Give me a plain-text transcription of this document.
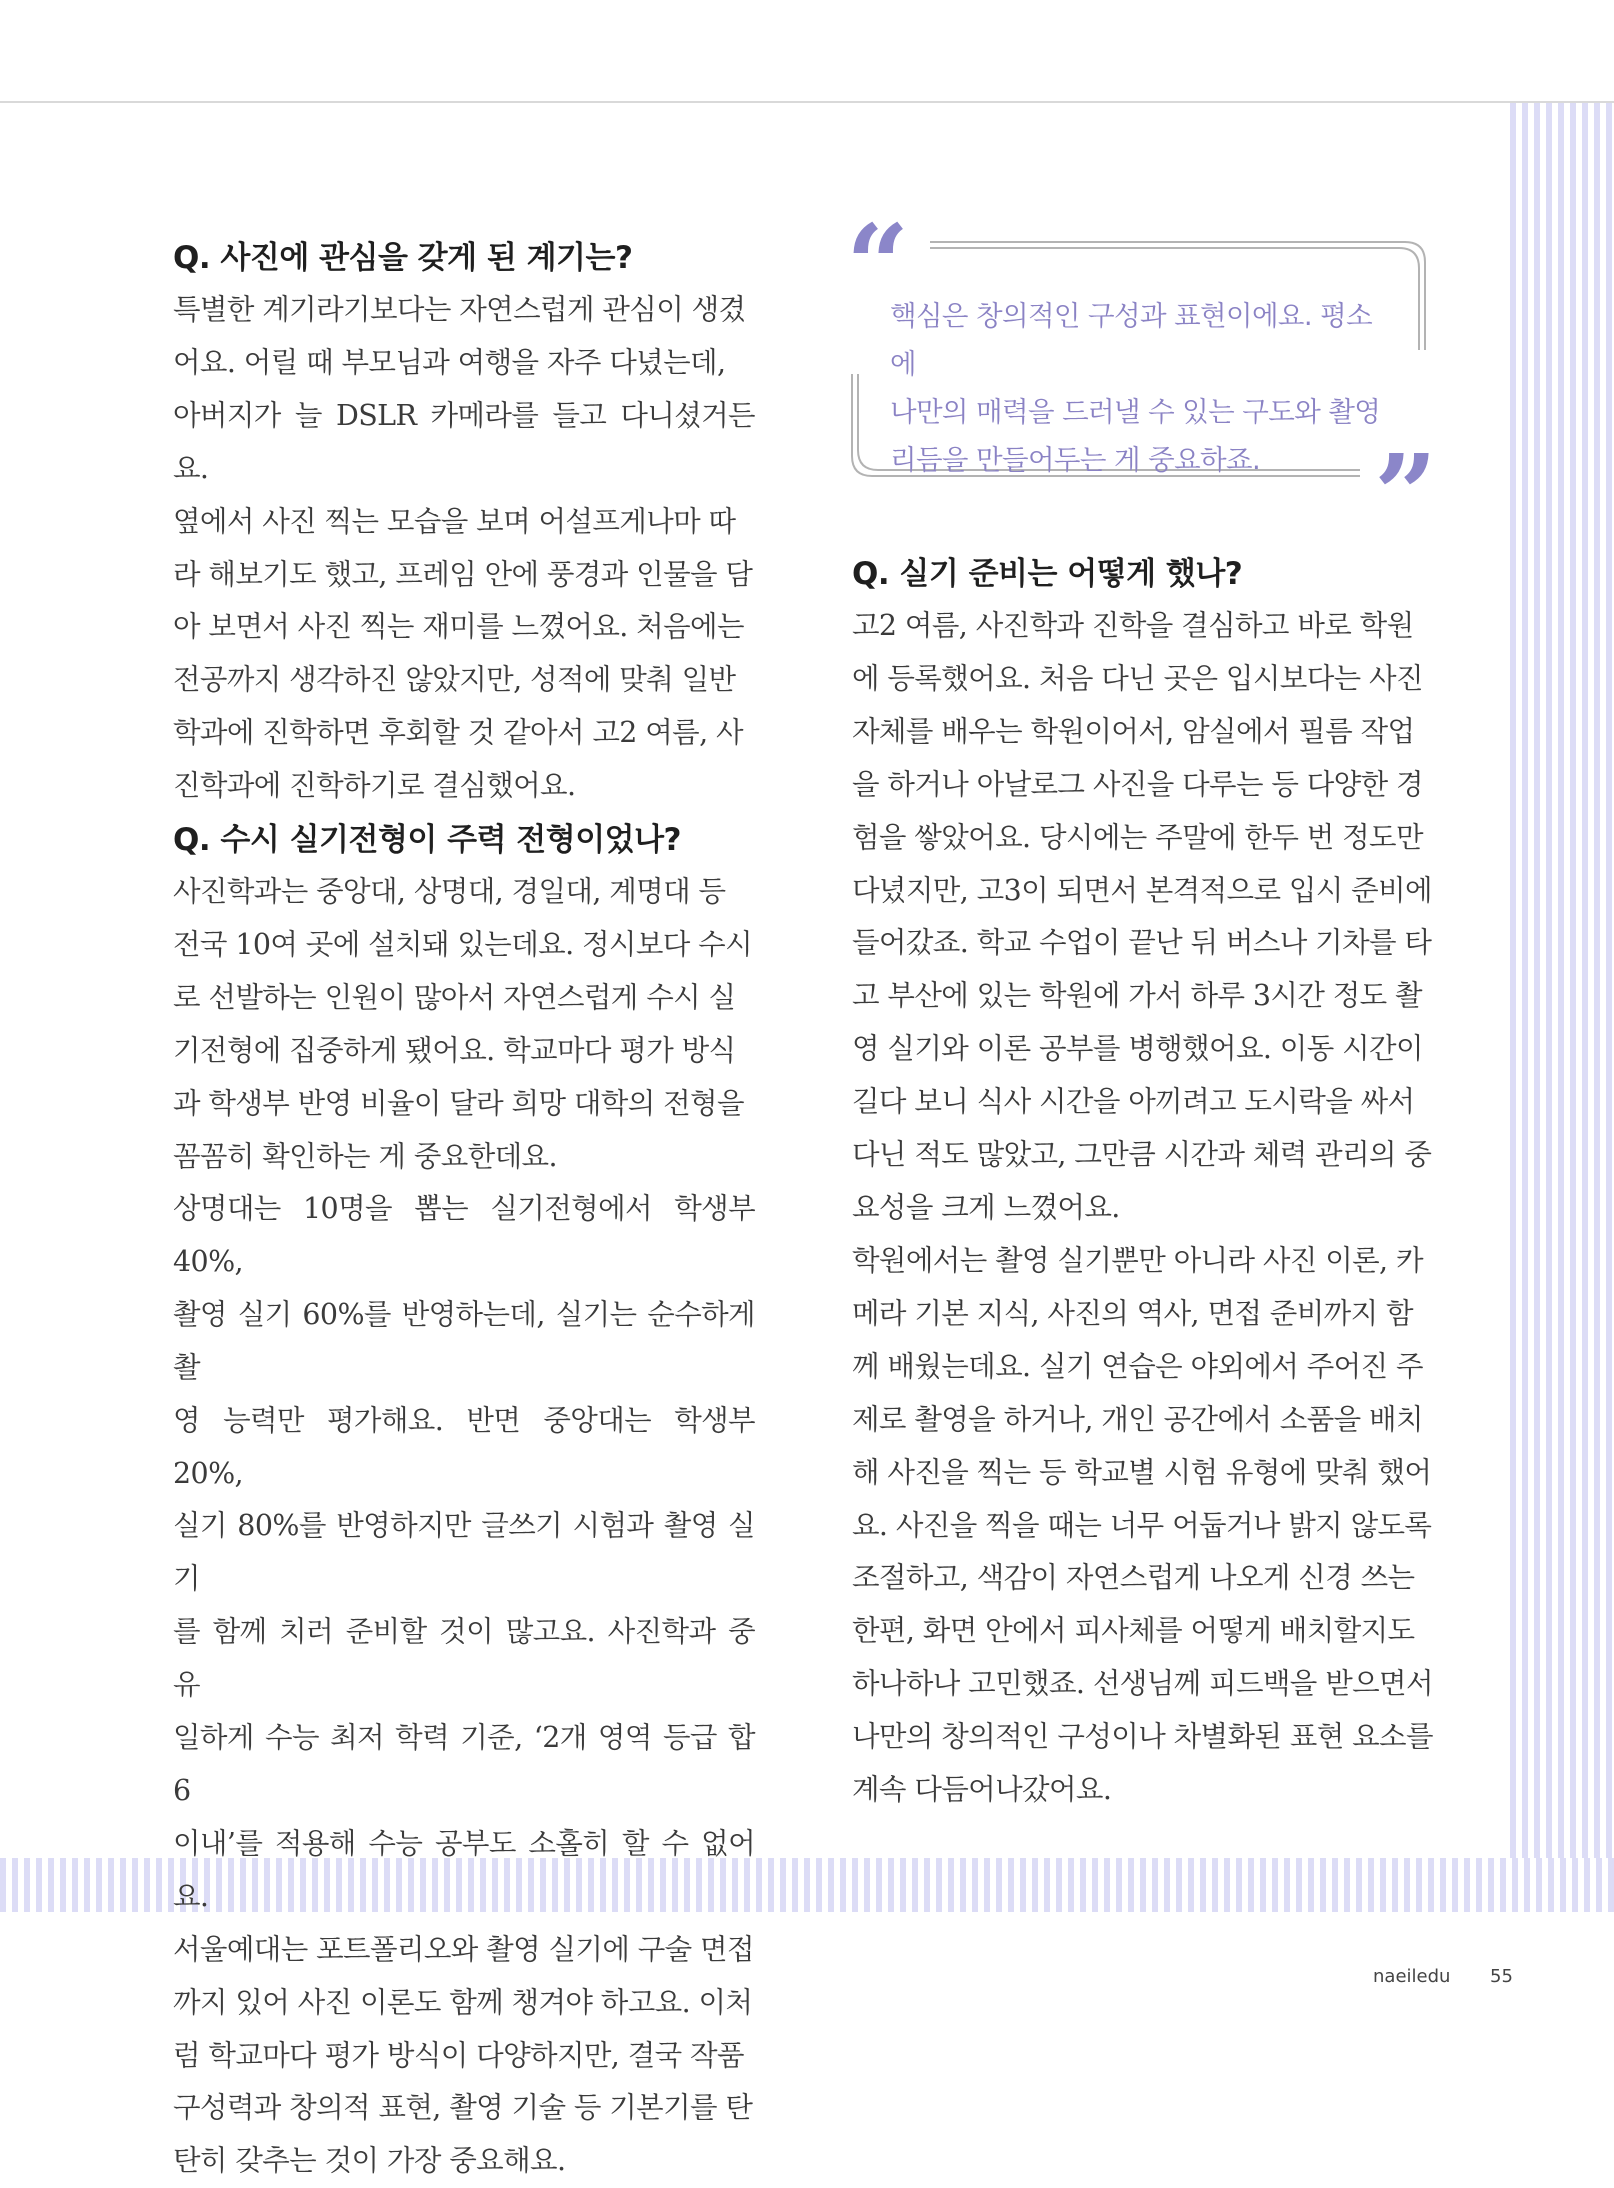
Q. 사진에 관심을 갖게 된 계기는?
특별한 계기라기보다는 자연스럽게 관심이 생겼
어요. 어릴 때 부모님과 여행을 자주 다녔는데,
아버지가 늘 DSLR 카메라를 들고 다니셨거든요.
옆에서 사진 찍는 모습을 보며 어설프게나마 따
라 해보기도 했고, 프레임 안에 풍경과 인물을 담
아 보면서 사진 찍는 재미를 느꼈어요. 처음에는
전공까지 생각하진 않았지만, 성적에 맞춰 일반
학과에 진학하면 후회할 것 같아서 고2 여름, 사
진학과에 진학하기로 결심했어요.
Q. 수시 실기전형이 주력 전형이었나?
사진학과는 중앙대, 상명대, 경일대, 계명대 등
전국 10여 곳에 설치돼 있는데요. 정시보다 수시
로 선발하는 인원이 많아서 자연스럽게 수시 실
기전형에 집중하게 됐어요. 학교마다 평가 방식
과 학생부 반영 비율이 달라 희망 대학의 전형을
꼼꼼히 확인하는 게 중요한데요.
상명대는 10명을 뽑는 실기전형에서 학생부 40%,
촬영 실기 60%를 반영하는데, 실기는 순수하게 촬
영 능력만 평가해요. 반면 중앙대는 학생부 20%,
실기 80%를 반영하지만 글쓰기 시험과 촬영 실기
를 함께 치러 준비할 것이 많고요. 사진학과 중 유
일하게 수능 최저 학력 기준, ‘2개 영역 등급 합 6
이내’를 적용해 수능 공부도 소홀히 할 수 없어요.
서울예대는 포트폴리오와 촬영 실기에 구술 면접
까지 있어 사진 이론도 함께 챙겨야 하고요. 이처
럼 학교마다 평가 방식이 다양하지만, 결국 작품
구성력과 창의적 표현, 촬영 기술 등 기본기를 탄
탄히 갖추는 것이 가장 중요해요.
“
”
핵심은 창의적인 구성과 표현이에요. 평소에
나만의 매력을 드러낼 수 있는 구도와 촬영
리듬을 만들어두는 게 중요하죠.
Q. 실기 준비는 어떻게 했나?
고2 여름, 사진학과 진학을 결심하고 바로 학원
에 등록했어요. 처음 다닌 곳은 입시보다는 사진
자체를 배우는 학원이어서, 암실에서 필름 작업
을 하거나 아날로그 사진을 다루는 등 다양한 경
험을 쌓았어요. 당시에는 주말에 한두 번 정도만
다녔지만, 고3이 되면서 본격적으로 입시 준비에
들어갔죠. 학교 수업이 끝난 뒤 버스나 기차를 타
고 부산에 있는 학원에 가서 하루 3시간 정도 촬
영 실기와 이론 공부를 병행했어요. 이동 시간이
길다 보니 식사 시간을 아끼려고 도시락을 싸서
다닌 적도 많았고, 그만큼 시간과 체력 관리의 중
요성을 크게 느꼈어요.
학원에서는 촬영 실기뿐만 아니라 사진 이론, 카
메라 기본 지식, 사진의 역사, 면접 준비까지 함
께 배웠는데요. 실기 연습은 야외에서 주어진 주
제로 촬영을 하거나, 개인 공간에서 소품을 배치
해 사진을 찍는 등 학교별 시험 유형에 맞춰 했어
요. 사진을 찍을 때는 너무 어둡거나 밝지 않도록
조절하고, 색감이 자연스럽게 나오게 신경 쓰는
한편, 화면 안에서 피사체를 어떻게 배치할지도
하나하나 고민했죠. 선생님께 피드백을 받으면서
나만의 창의적인 구성이나 차별화된 표현 요소를
계속 다듬어나갔어요.
naeiledu 55
